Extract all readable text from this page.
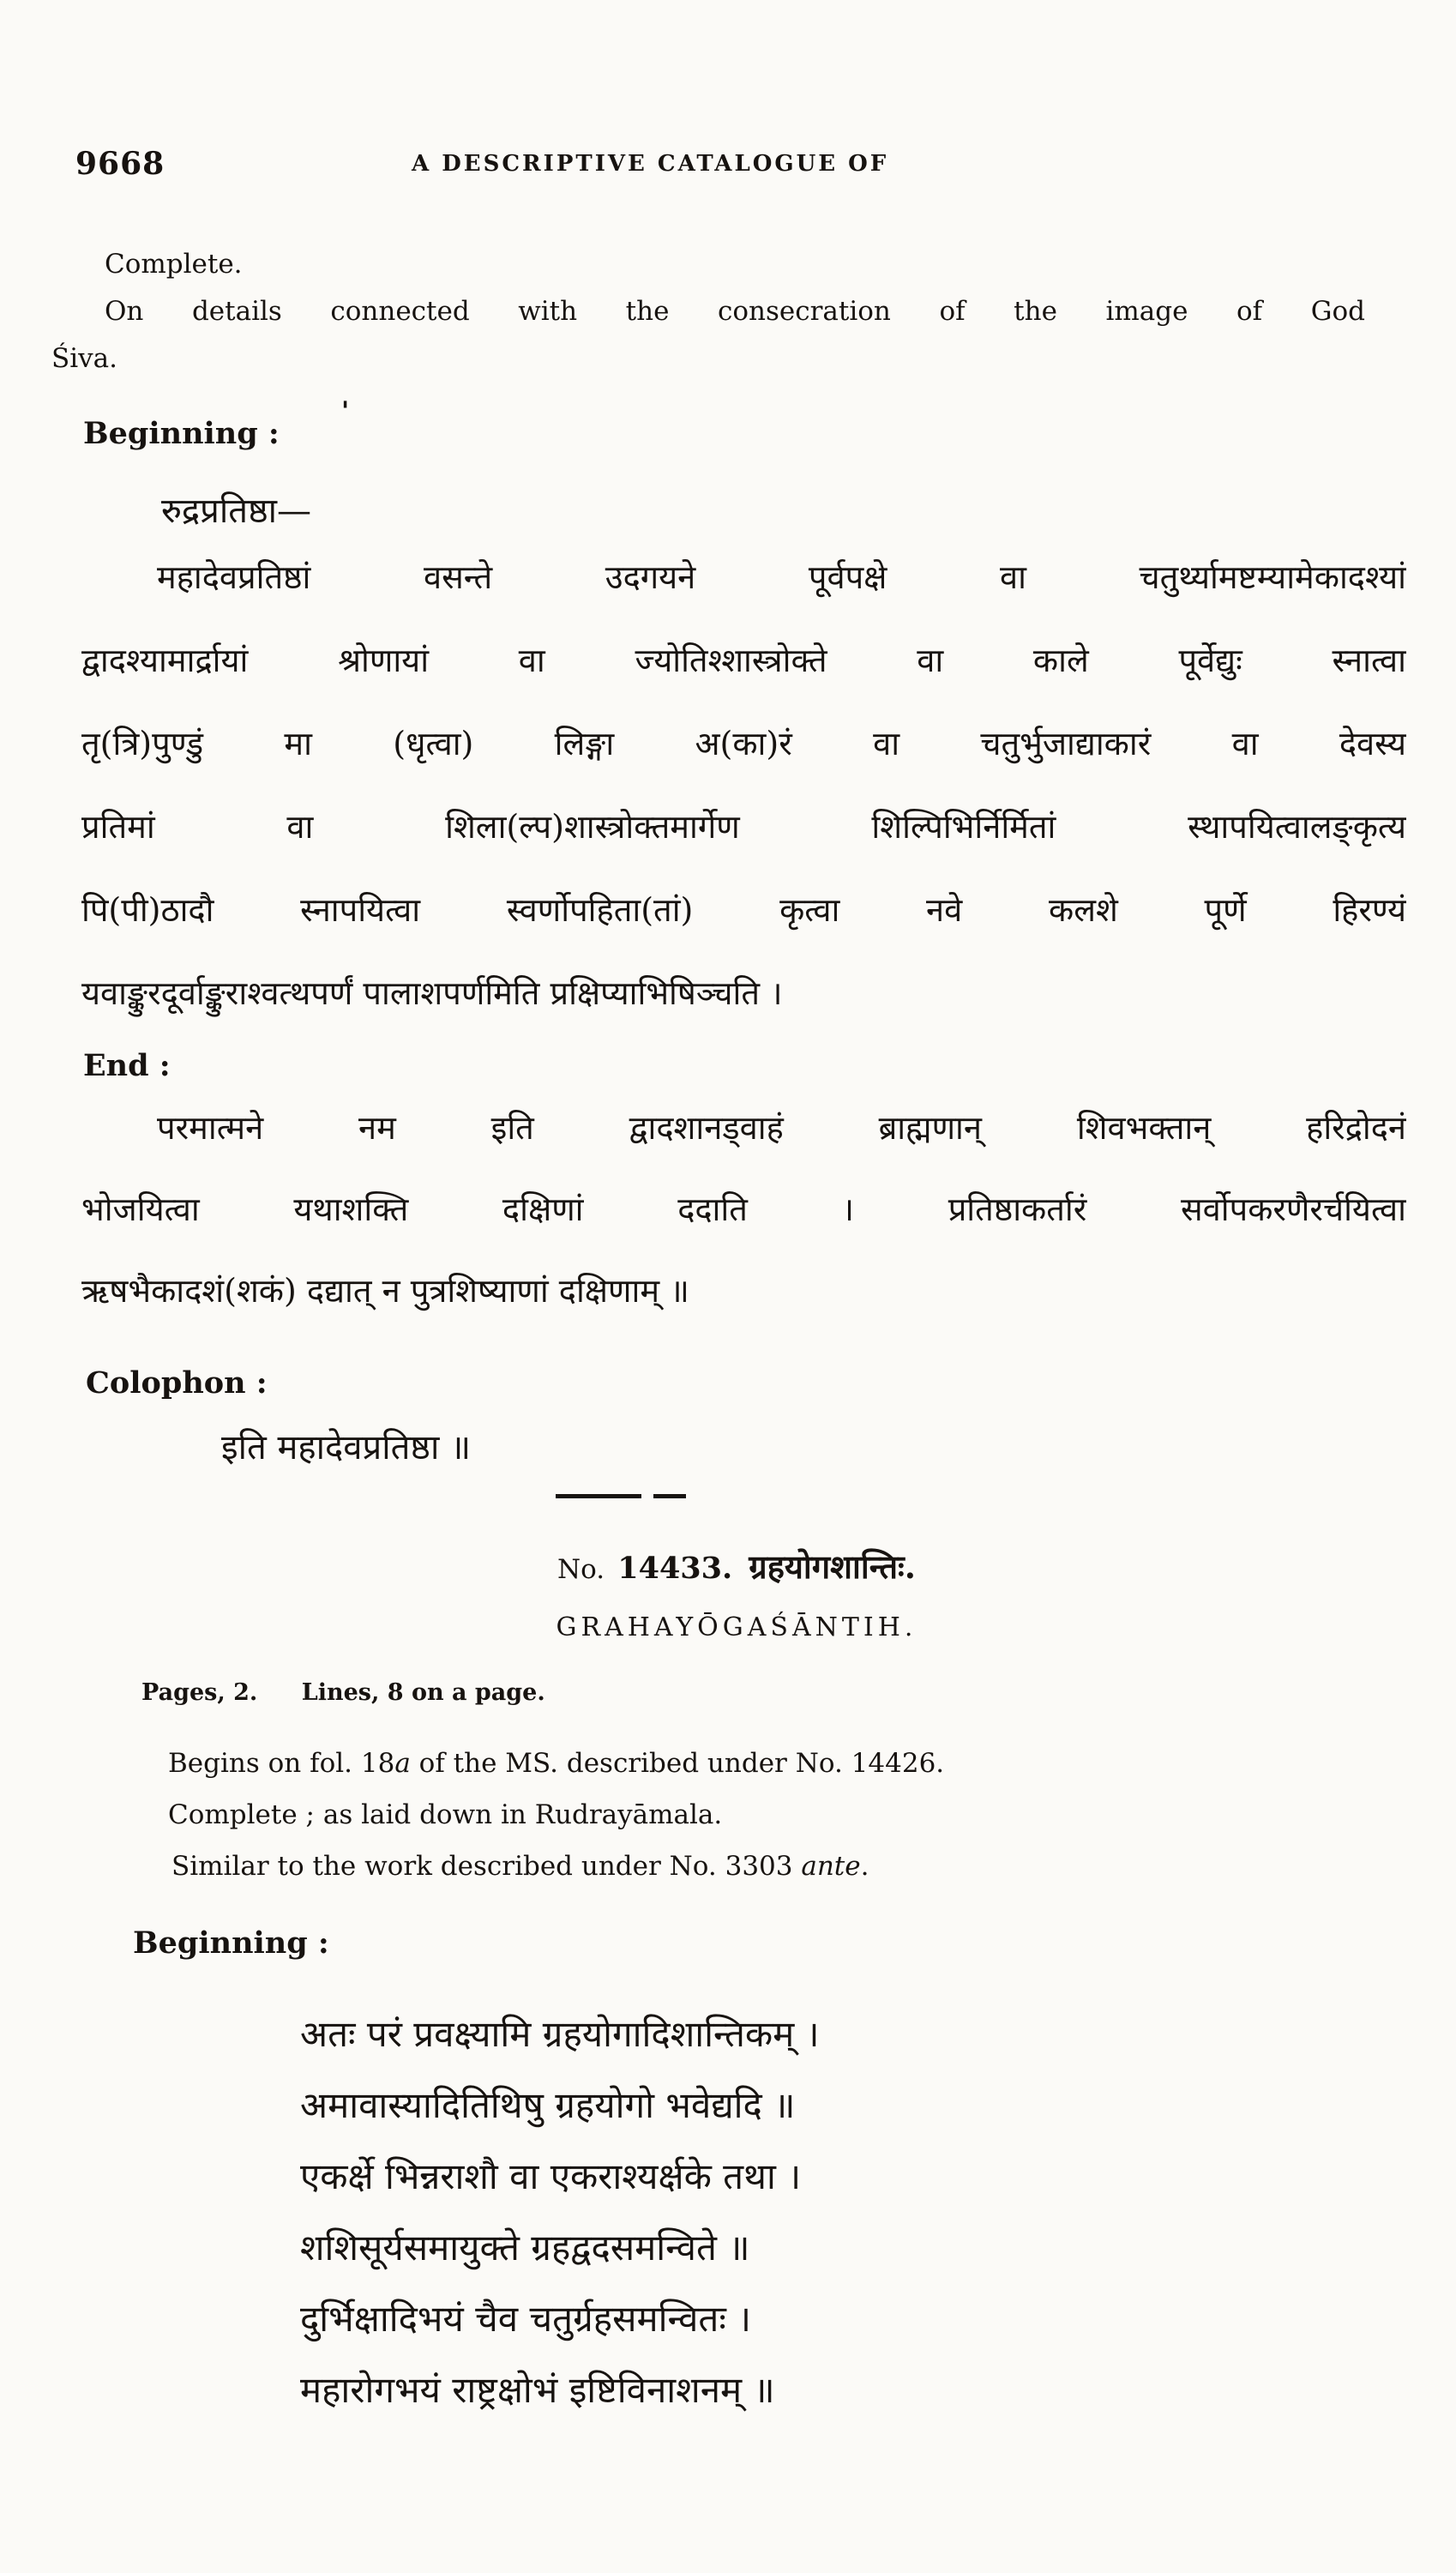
9668	A DESCRIPTIVE CATALOGUE OF
Complete.
On details connected with the consecration of the image of God
Śiva.
Beginning :
'
रुद्रप्रतिष्ठा—
महादेवप्रतिष्ठां वसन्ते उदगयने पूर्वपक्षे वा चतुर्थ्यामष्टम्यामेकादश्यां
द्वादश्यामार्द्रायां श्रोणायां वा ज्योतिश्शास्त्रोक्ते वा काले पूर्वेद्युः स्नात्वा
तृ(त्रि)पुण्डुं मा (धृत्वा) लिङ्गा अ(का)रं वा चतुर्भुजाद्याकारं वा देवस्य
प्रतिमां वा शिला(ल्प)शास्त्रोक्तमार्गेण शिल्पिभिर्निर्मितां स्थापयित्वालङ्कृत्य
पि(पी)ठादौ स्नापयित्वा स्वर्णोपहिता(तां) कृत्वा नवे कलशे पूर्णे हिरण्यं
यवाङ्कुरदूर्वाङ्कुराश्वत्थपर्णं पालाशपर्णमिति प्रक्षिप्याभिषिञ्चति ।
End :
परमात्मने नम इति द्वादशानड्वाहं ब्राह्मणान् शिवभक्तान् हरिद्रोदनं
भोजयित्वा यथाशक्ति दक्षिणां ददाति । प्रतिष्ठाकर्तारं सर्वोपकरणैरर्चयित्वा
ऋषभैकादशं(शकं) दद्यात् न पुत्रशिष्याणां दक्षिणाम् ॥
Colophon :
इति महादेवप्रतिष्ठा ॥
No. 14433. ग्रहयोगशान्तिः.
GRAHAYŌGAŚĀNTIH.
Pages, 2. Lines, 8 on a page.
Begins on fol. 18a of the MS. described under No. 14426.
Complete ; as laid down in Rudrayāmala.
Similar to the work described under No. 3303 ante.
Beginning :
अतः परं प्रवक्ष्यामि ग्रहयोगादिशान्तिकम् ।
अमावास्यादितिथिषु ग्रहयोगो भवेद्यदि ॥
एकर्क्षे भिन्नराशौ वा एकराश्यर्क्षके तथा ।
शशिसूर्यसमायुक्ते ग्रहद्वदसमन्विते ॥
दुर्भिक्षादिभयं चैव चतुर्ग्रहसमन्वितः ।
महारोगभयं राष्ट्रक्षोभं इष्टिविनाशनम् ॥
